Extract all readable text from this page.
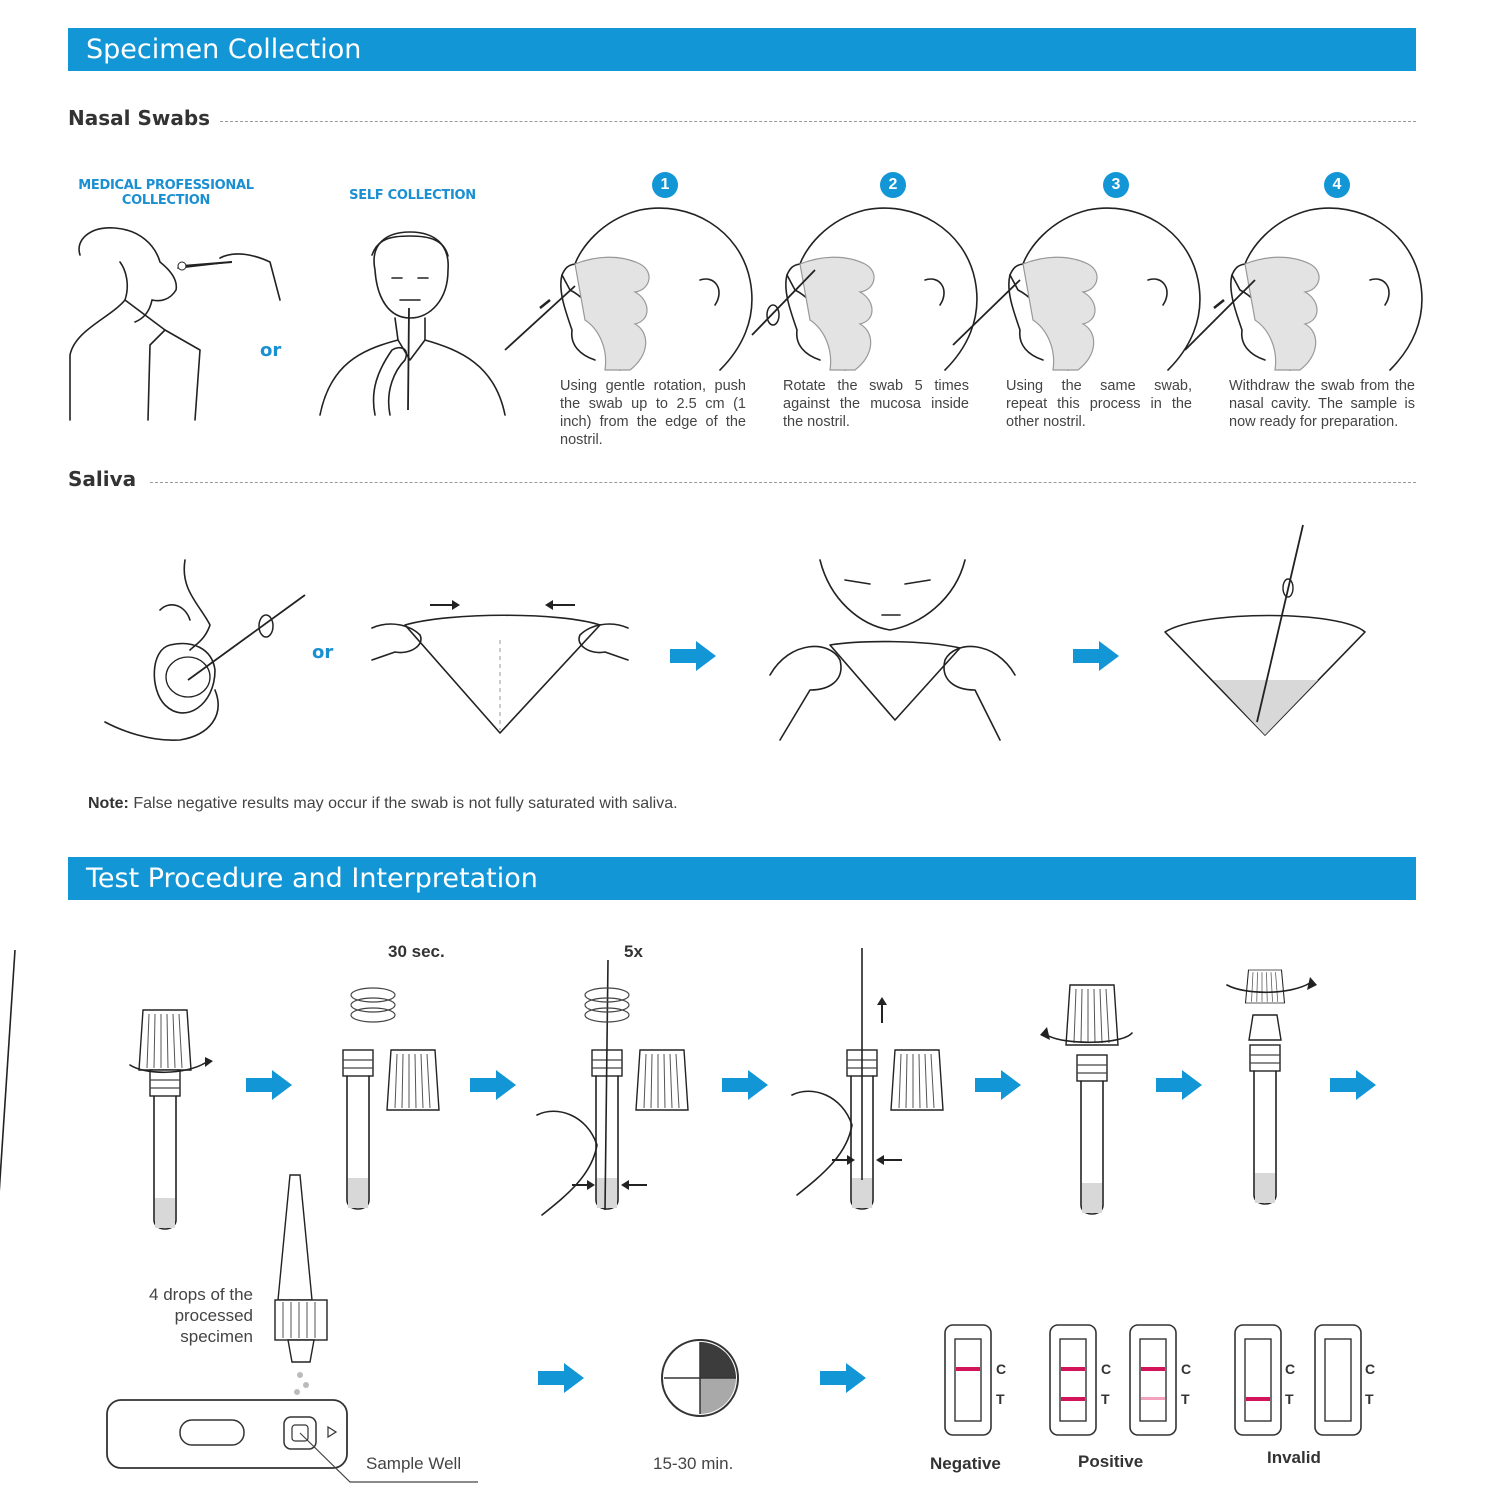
Specimen Collection
Test Procedure and Interpretation
Nasal Swabs
Saliva
MEDICAL PROFESSIONAL COLLECTION	SELF COLLECTION
or
1	2	3	4
Using gentle rotation, push the swab up to 2.5 cm (1 inch) from the edge of the nostril.
Rotate the swab 5 times against the mucosa inside the nostril.
Using the same swab, repeat this process in the other nostril.
Withdraw the swab from the nasal cavity. The sample is now ready for preparation.
or
Note: False negative results may occur if the swab is not fully saturated with saliva.
30 sec.	5x
4 drops of the processed specimen
Sample Well	15-30 min.	Negative	Positive	Invalid
C
T
C
T
C
T
C
T
C
T
